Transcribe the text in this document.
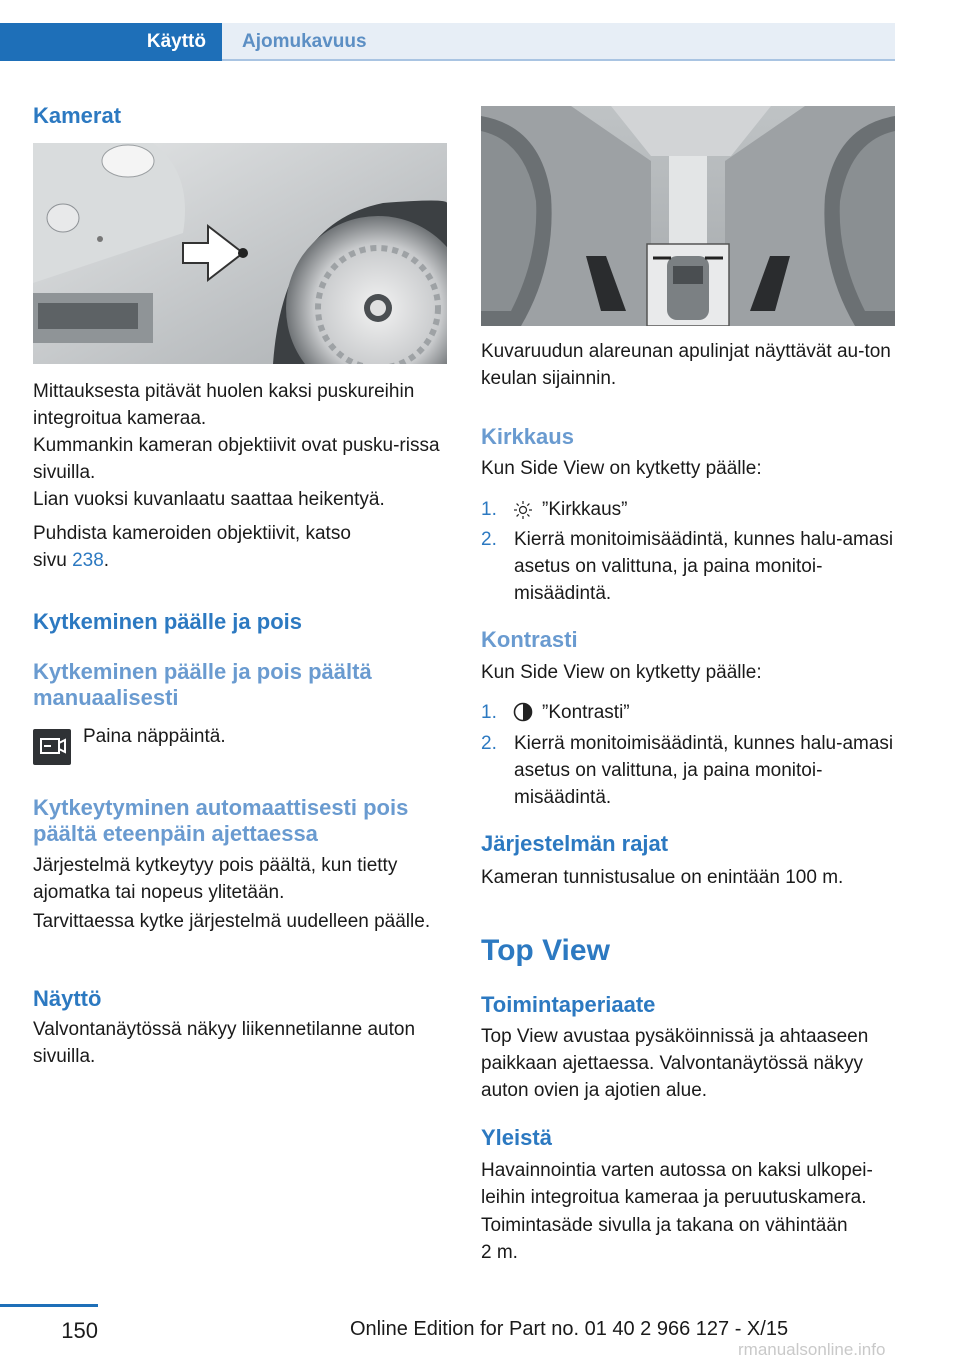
Käyttö	Ajomukavuus
Kamerat

Mittauksesta pitävät huolen kaksi puskureihin integroitua kameraa.

Kummankin kameran objektiivit ovat pusku-rissa sivuilla.

Lian vuoksi kuvanlaatu saattaa heikentyä.

Puhdista kameroiden objektiivit, katso
sivu 238.

Kytkeminen päälle ja pois
Kytkeminen päälle ja pois päältä manuaalisesti

Paina näppäintä.

Kytkeytyminen automaattisesti pois päältä eteenpäin ajettaessa

Järjestelmä kytkeytyy pois päältä, kun tietty ajomatka tai nopeus ylitetään.

Tarvittaessa kytke järjestelmä uudelleen päälle.

Näyttö

Valvontanäytössä näkyy liikennetilanne auton sivuilla.

Kuvaruudun alareunan apulinjat näyttävät au-ton keulan sijainnin.

Kirkkaus

Kun Side View on kytketty päälle:

1. ”Kirkkaus”

2. Kierrä monitoimisäädintä, kunnes halu-amasi asetus on valittuna, ja paina monitoi-misäädintä.

Kontrasti

Kun Side View on kytketty päälle:

1. ”Kontrasti”

2. Kierrä monitoimisäädintä, kunnes halu-amasi asetus on valittuna, ja paina monitoi-misäädintä.

Järjestelmän rajat

Kameran tunnistusalue on enintään 100 m.

Top View
Toimintaperiaate

Top View avustaa pysäköinnissä ja ahtaaseen paikkaan ajettaessa. Valvontanäytössä näkyy auton ovien ja ajotien alue.

Yleistä

Havainnointia varten autossa on kaksi ulkopei-leihin integroitua kameraa ja peruutuskamera.

Toimintasäde sivulla ja takana on vähintään
2 m.

150	Online Edition for Part no. 01 40 2 966 127 - X/15
rmanualsonline.info
